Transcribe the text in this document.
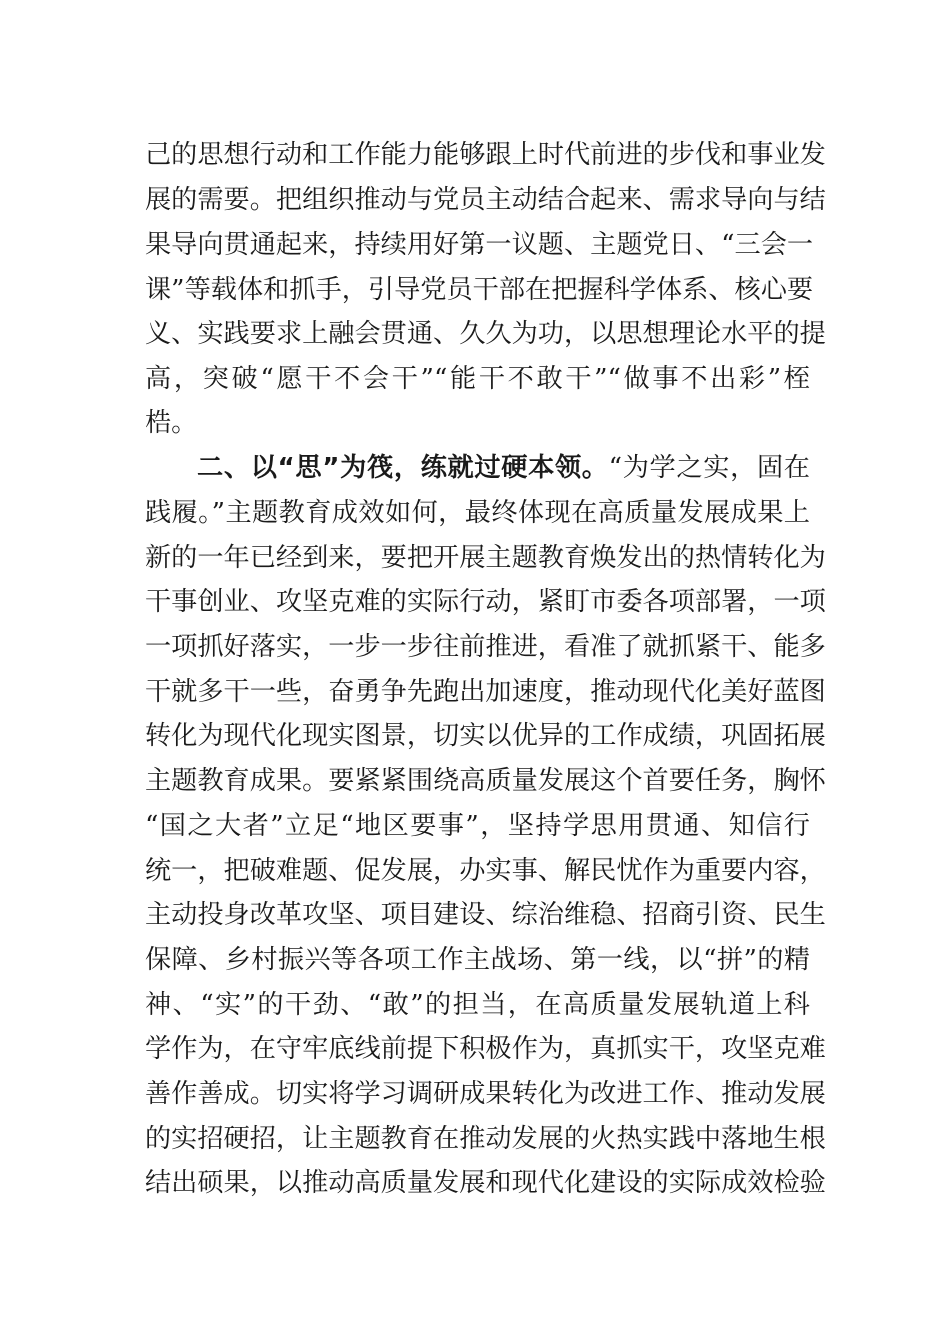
己的思想行动和工作能力能够跟上时代前进的步伐和事业发
展的需要。把组织推动与党员主动结合起来、需求导向与结
果导向贯通起来，持续用好第一议题、主题党日、“三会一
课”等载体和抓手，引导党员干部在把握科学体系、核心要
义、实践要求上融会贯通、久久为功，以思想理论水平的提
高，突破“愿干不会干”“能干不敢干”“做事不出彩”桎
梏。
二、以“思”为筏，练就过硬本领。“为学之实，固在
践履。”主题教育成效如何，最终体现在高质量发展成果上
新的一年已经到来，要把开展主题教育焕发出的热情转化为
干事创业、攻坚克难的实际行动，紧盯市委各项部署，一项
一项抓好落实，一步一步往前推进，看准了就抓紧干、能多
干就多干一些，奋勇争先跑出加速度，推动现代化美好蓝图
转化为现代化现实图景，切实以优异的工作成绩，巩固拓展
主题教育成果。要紧紧围绕高质量发展这个首要任务，胸怀
“国之大者”立足“地区要事”，坚持学思用贯通、知信行
统一，把破难题、促发展，办实事、解民忧作为重要内容，
主动投身改革攻坚、项目建设、综治维稳、招商引资、民生
保障、乡村振兴等各项工作主战场、第一线，以“拼”的精
神、“实”的干劲、“敢”的担当，在高质量发展轨道上科
学作为，在守牢底线前提下积极作为，真抓实干，攻坚克难
善作善成。切实将学习调研成果转化为改进工作、推动发展
的实招硬招，让主题教育在推动发展的火热实践中落地生根
结出硕果，以推动高质量发展和现代化建设的实际成效检验
